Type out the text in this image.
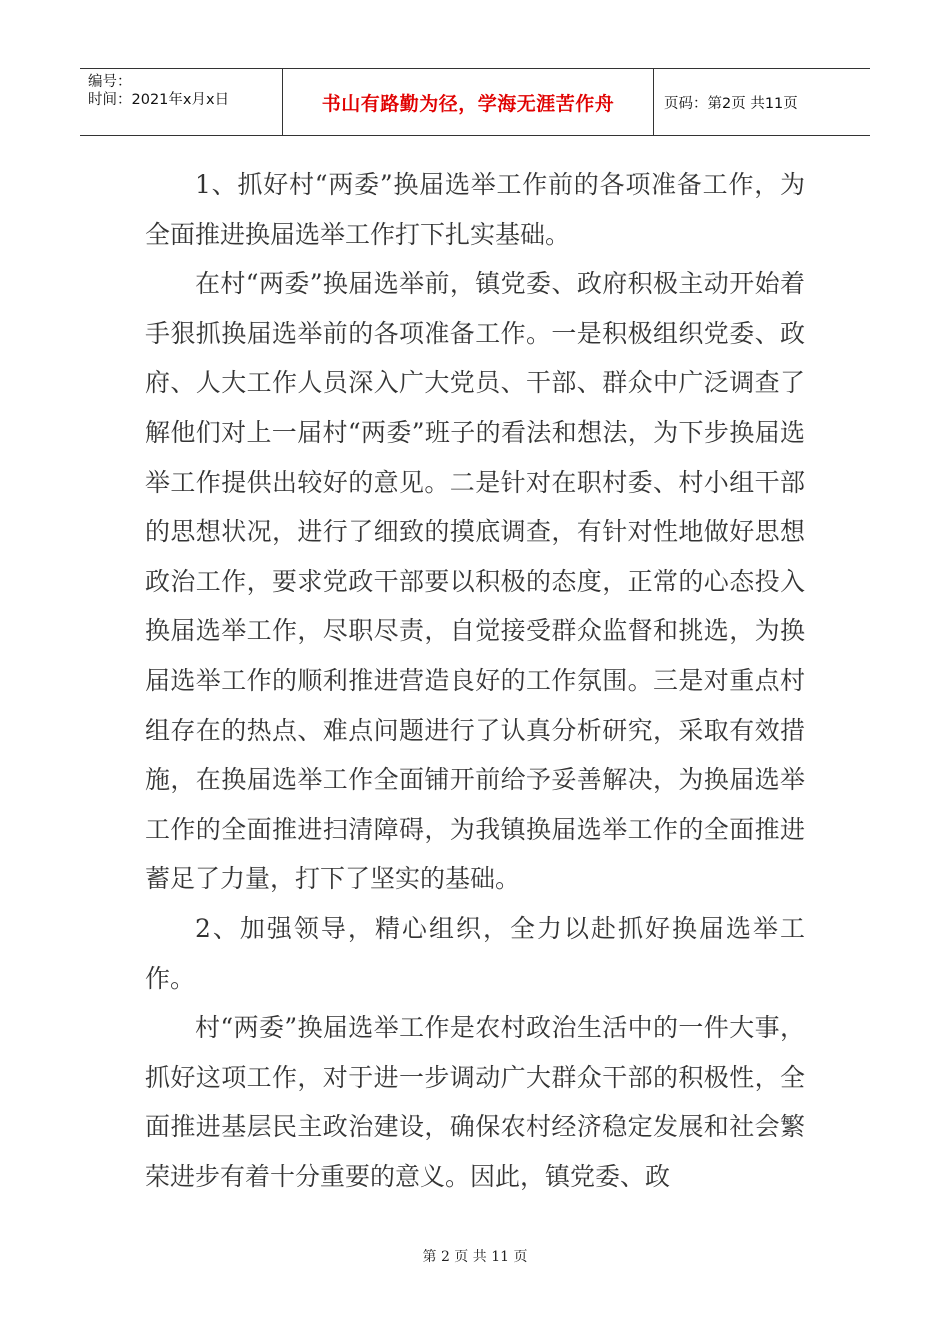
编号：
时间：2021年x月x日	书山有路勤为径，学海无涯苦作舟	页码：第2页 共11页

1、抓好村“两委”换届选举工作前的各项准备工作，为全面推进换届选举工作打下扎实基础。

在村“两委”换届选举前，镇党委、政府积极主动开始着手狠抓换届选举前的各项准备工作。一是积极组织党委、政府、人大工作人员深入广大党员、干部、群众中广泛调查了解他们对上一届村“两委”班子的看法和想法，为下步换届选举工作提供出较好的意见。二是针对在职村委、村小组干部的思想状况，进行了细致的摸底调查，有针对性地做好思想政治工作，要求党政干部要以积极的态度，正常的心态投入换届选举工作，尽职尽责，自觉接受群众监督和挑选，为换届选举工作的顺利推进营造良好的工作氛围。三是对重点村组存在的热点、难点问题进行了认真分析研究，采取有效措施，在换届选举工作全面铺开前给予妥善解决，为换届选举工作的全面推进扫清障碍，为我镇换届选举工作的全面推进蓄足了力量，打下了坚实的基础。

2、加强领导，精心组织，全力以赴抓好换届选举工作。

村“两委”换届选举工作是农村政治生活中的一件大事，抓好这项工作，对于进一步调动广大群众干部的积极性，全面推进基层民主政治建设，确保农村经济稳定发展和社会繁荣进步有着十分重要的意义。因此，镇党委、政

第 2 页 共 11 页
